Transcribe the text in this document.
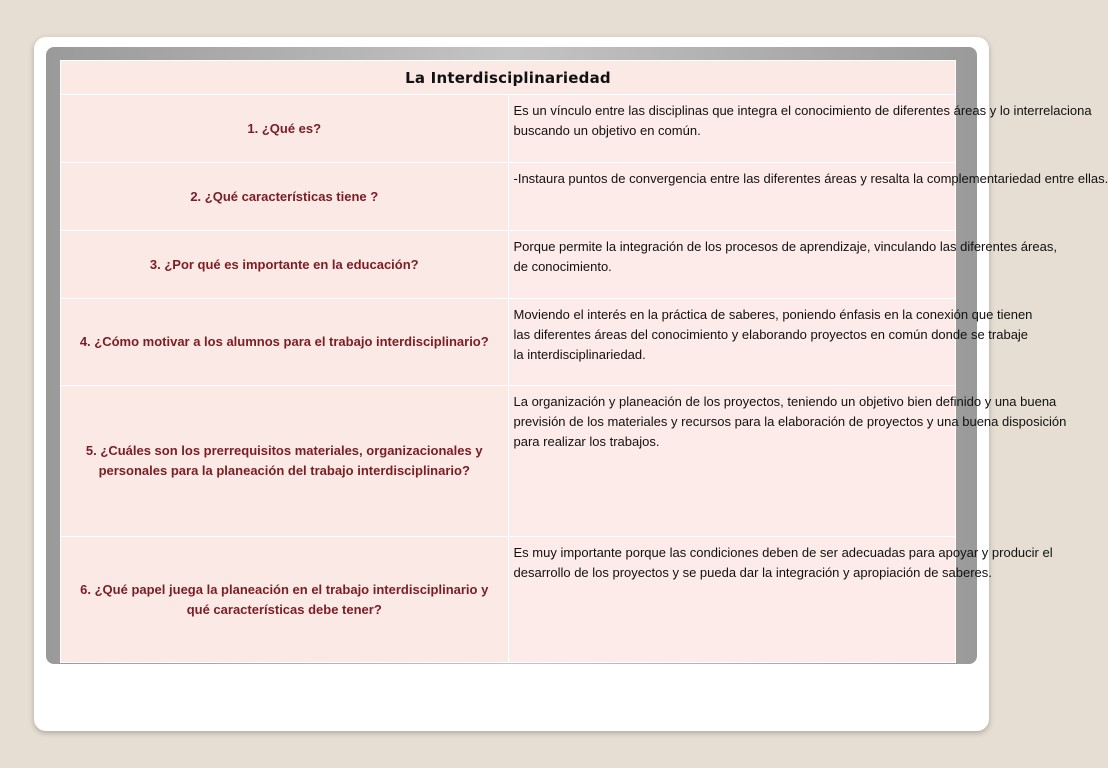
La Interdisciplinariedad	
1. ¿Qué es?	Es un vínculo entre las disciplinas que integra el conocimiento de diferentes áreas y lo interrelaciona
buscando un objetivo en común.

2. ¿Qué características tiene ?	-Instaura puntos de convergencia entre las diferentes áreas y resalta la complementariedad entre ellas.

3. ¿Por qué es importante en la educación?	Porque permite la integración de los procesos de aprendizaje, vinculando las diferentes áreas,
de conocimiento.

4. ¿Cómo motivar a los alumnos para el trabajo interdisciplinario?	Moviendo el interés en la práctica de saberes, poniendo énfasis en la conexión que tienen
las diferentes áreas del conocimiento y elaborando proyectos en común donde se trabaje
la interdisciplinariedad.

5. ¿Cuáles son los prerrequisitos materiales, organizacionales y personales para la planeación del trabajo interdisciplinario?	La organización y planeación de los proyectos, teniendo un objetivo bien definido y una buena
previsión de los materiales y recursos para la elaboración de proyectos y una buena disposición
para realizar los trabajos.

6. ¿Qué papel juega la planeación en el trabajo interdisciplinario y qué características debe tener?	Es muy importante porque las condiciones deben de ser adecuadas para apoyar y producir el
desarrollo de los proyectos y se pueda dar la integración y apropiación de saberes.
